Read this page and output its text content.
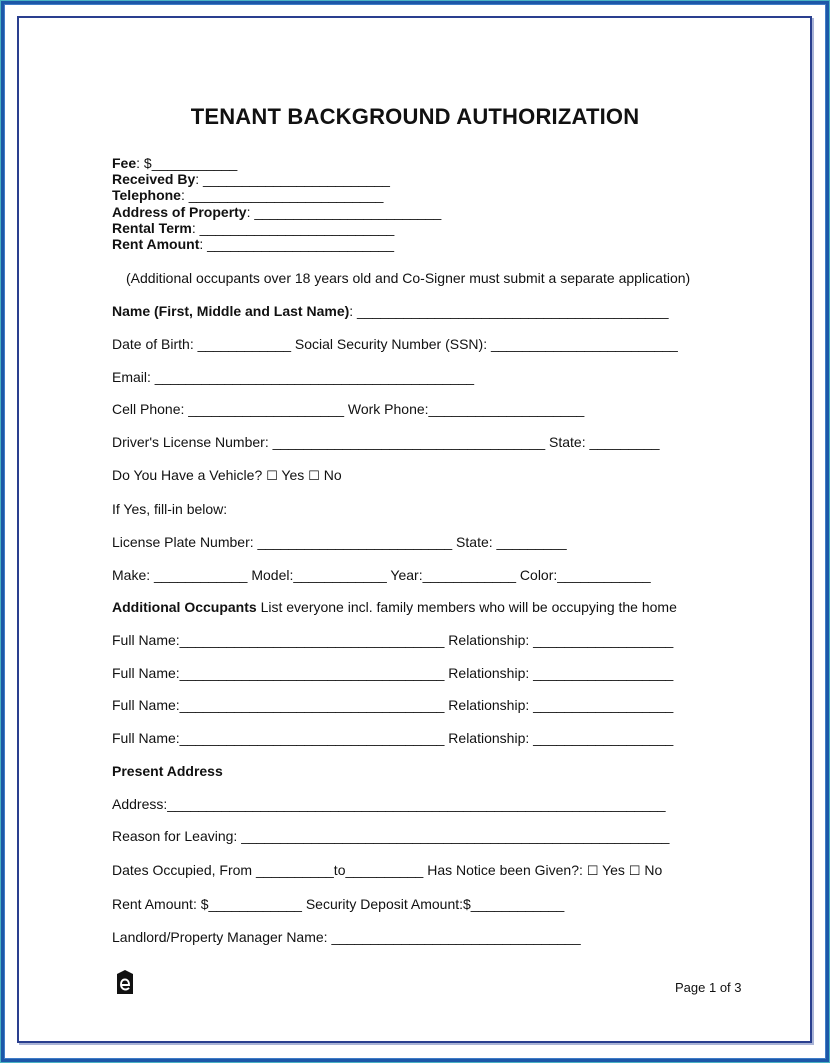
TENANT BACKGROUND AUTHORIZATION
Fee: $___________
Received By: ________________________
Telephone: _________________________
Address of Property: ________________________
Rental Term: _________________________
Rent Amount: ________________________
(Additional occupants over 18 years old and Co-Signer must submit a separate application)
Name (First, Middle and Last Name): ________________________________________
Date of Birth: ____________ Social Security Number (SSN): ________________________
Email: _________________________________________
Cell Phone: ____________________ Work Phone:____________________
Driver's License Number: ___________________________________ State: _________
Do You Have a Vehicle? ☐ Yes ☐ No
If Yes, fill-in below:
License Plate Number: _________________________ State: _________
Make: ____________ Model:____________ Year:____________ Color:____________
Additional Occupants List everyone incl. family members who will be occupying the home
Full Name:__________________________________ Relationship: __________________
Full Name:__________________________________ Relationship: __________________
Full Name:__________________________________ Relationship: __________________
Full Name:__________________________________ Relationship: __________________
Present Address
Address:________________________________________________________________
Reason for Leaving: _______________________________________________________
Dates Occupied, From __________to__________ Has Notice been Given?: ☐ Yes ☐ No
Rent Amount: $____________ Security Deposit Amount:$____________
Landlord/Property Manager Name: ________________________________
Page 1 of 3
